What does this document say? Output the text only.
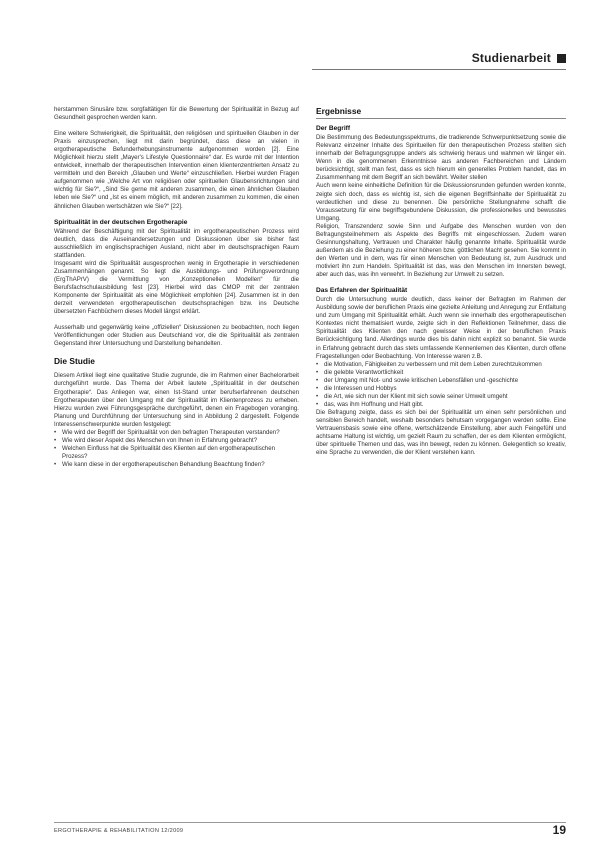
Studienarbeit

herstammen Sinusäre bzw. sorgfaltätigen für die Bewertung der Spiritualität in Bezug auf Gesundheit gesprochen werden kann.

Eine weitere Schwierigkeit, die Spiritualität, den religiösen und spirituellen Glauben in der Praxis einzusprechen, liegt mit darin begründet, dass diese an vielen in ergotherapeutische Befunderhebungsinstrumente aufgenommen worden [2]. Eine Möglichkeit hierzu stellt „Mayer's Lifestyle Questionnaire“ dar. Es wurde mit der Intention entwickelt, innerhalb der therapeutischen Intervention einen klientenzentrierten Ansatz zu vermitteln und den Bereich „Glauben und Werte“ einzuschließen. Hierbei wurden Fragen aufgenommen wie „Welche Art von religiösen oder spirituellen Glaubensrichtungen sind wichtig für Sie?“, „Sind Sie gerne mit anderen zusammen, die einen ähnlichen Glauben leben wie Sie?“ und „Ist es einem möglich, mit anderen zusammen zu kommen, die einen ähnlichen Glauben wertschätzen wie Sie?“ [22].

Spiritualität in der deutschen Ergotherapie

Während der Beschäftigung mit der Spiritualität im ergotherapeutischen Prozess wird deutlich, dass die Auseinandersetzungen und Diskussionen über sie bisher fast ausschließlich im englischsprachigen Ausland, nicht aber im deutschsprachigen Raum stattfanden.

Insgesamt wird die Spiritualität ausgesprochen wenig in Ergotherapie in verschiedenen Zusammenhängen genannt. So liegt die Ausbildungs- und Prüfungsverordnung (ErgThAPrV) die Vermittlung von „Konzeptionellen Modellen“ für die Berufsfachschulausbildung fest [23]. Hierbei wird das CMOP mit der zentralen Komponente der Spiritualität als eine Möglichkeit empfohlen [24]. Zusammen ist in den derzeit verwendeten ergotherapeutischen deutschsprachigen bzw. ins Deutsche übersetzten Fachbüchern dieses Modell längst erklärt.

Ausserhalb und gegenwärtig keine „offiziellen“ Diskussionen zu beobachten, noch liegen Veröffentlichungen oder Studien aus Deutschland vor, die die Spiritualität als zentralen Gegenstand ihrer Untersuchung und Darstellung behandelten.

Die Studie

Diesem Artikel liegt eine qualitative Studie zugrunde, die im Rahmen einer Bachelorarbeit durchgeführt wurde. Das Thema der Arbeit lautete „Spiritualität in der deutschen Ergotherapie“. Das Anliegen war, einen Ist-Stand unter berufserfahrenen deutschen Ergotherapeuten über den Umgang mit der Spiritualität im Klientenprozess zu erheben. Hierzu wurden zwei Führungsgespräche durchgeführt, denen ein Fragebogen voranging. Planung und Durchführung der Untersuchung sind in Abbildung 2 dargestellt. Folgende Interessenschwerpunkte wurden festgelegt:

• Wie wird der Begriff der Spiritualität von den befragten Therapeuten verstanden?
• Wie wird dieser Aspekt des Menschen von Ihnen in Erfahrung gebracht?
• Welchen Einfluss hat die Spiritualität des Klienten auf den ergotherapeutischen Prozess?
• Wie kann diese in der ergotherapeutischen Behandlung Beachtung finden?
Ergebnisse
Der Begriff

Die Bestimmung des Bedeutungsspektrums, die tradierende Schwerpunktsetzung sowie die Relevanz einzelner Inhalte des Spirituellen für den therapeutischen Prozess stellten sich innerhalb der Befragungsgruppe anders als schwierig heraus und wahmen wir länger ein. Wenn in die genommenen Erkenntnisse aus anderen Fachbereichen und Ländern berücksichtigt, stellt man fest, dass es sich hierum ein generelles Problem handelt, das im Zusammenhang mit dem Begriff an sich bewährt. Weiter stellen

Auch wenn keine einheitliche Definition für die Diskussionsrunden gefunden werden konnte, zeigte sich doch, dass es wichtig ist, sich die eigenen Begriffsinhalte der Spiritualität zu verdeutlichen und diese zu benennen. Die persönliche Stellungnahme schafft die Voraussetzung für eine begriffsgebundene Diskussion, die professionelles und bewusstes Umgang.

Religion, Transzendenz sowie Sinn und Aufgabe des Menschen wurden von den Befragungsteilnehmern als Aspekte des Begriffs mit eingeschlossen. Zudem waren Gesinnungshaltung, Vertrauen und Charakter häufig genannte Inhalte. Spiritualität wurde außerdem als die Beziehung zu einer höheren bzw. göttlichen Macht gesehen. Sie kommt in den Werten und in dem, was für einen Menschen von Bedeutung ist, zum Ausdruck und motiviert ihn zum Handeln. Spiritualität ist das, was den Menschen im Innersten bewegt, aber auch das, was ihn verwehrt. In Beziehung zur Umwelt zu setzen.

Das Erfahren der Spiritualität

Durch die Untersuchung wurde deutlich, dass keiner der Befragten im Rahmen der Ausbildung sowie der beruflichen Praxis eine gezielte Anleitung und Anregung zur Entfaltung und zum Umgang mit Spiritualität erhält. Auch wenn sie innerhalb des ergotherapeutischen Kontextes nicht thematisiert wurde, zeigte sich in den Reflektionen Teilnehmer, dass die Spiritualität des Klienten den nach gewisser Weise in der beruflichen Praxis Berücksichtigung fand. Allerdings wurde dies bis dahin nicht explizit so benannt. Sie wurde in Erfahrung gebracht durch das stets umfassende Kennenlernen des Klienten, durch offene Fragestellungen oder Beobachtung. Von Interesse waren z.B.

• die Motivation, Fähigkeiten zu verbessern und mit dem Leben zurechtzukommen
• die gelebte Verantwortlichkeit
• der Umgang mit Not- und sowie kritischen Lebensfällen und -geschichte
• die Interessen und Hobbys
• die Art, wie sich nun der Klient mit sich sowie seiner Umwelt umgeht
• das, was ihm Hoffnung und Halt gibt.

Die Befragung zeigte, dass es sich bei der Spiritualität um einen sehr persönlichen und sensiblen Bereich handelt, weshalb besonders behutsam vorgegangen werden sollte. Eine Vertrauensbasis sowie eine offene, wertschätzende Einstellung, aber auch Feingefühl und achtsame Haltung ist wichtig, um gezielt Raum zu schaffen, der es dem Klienten ermöglicht, über spirituelle Themen und das, was ihn bewegt, reden zu können. Gelegentlich so kreativ, eine Sprache zu verwenden, die der Klient verstehen kann.

ERGOTHERAPIE & REHABILITATION 12/2009	19
